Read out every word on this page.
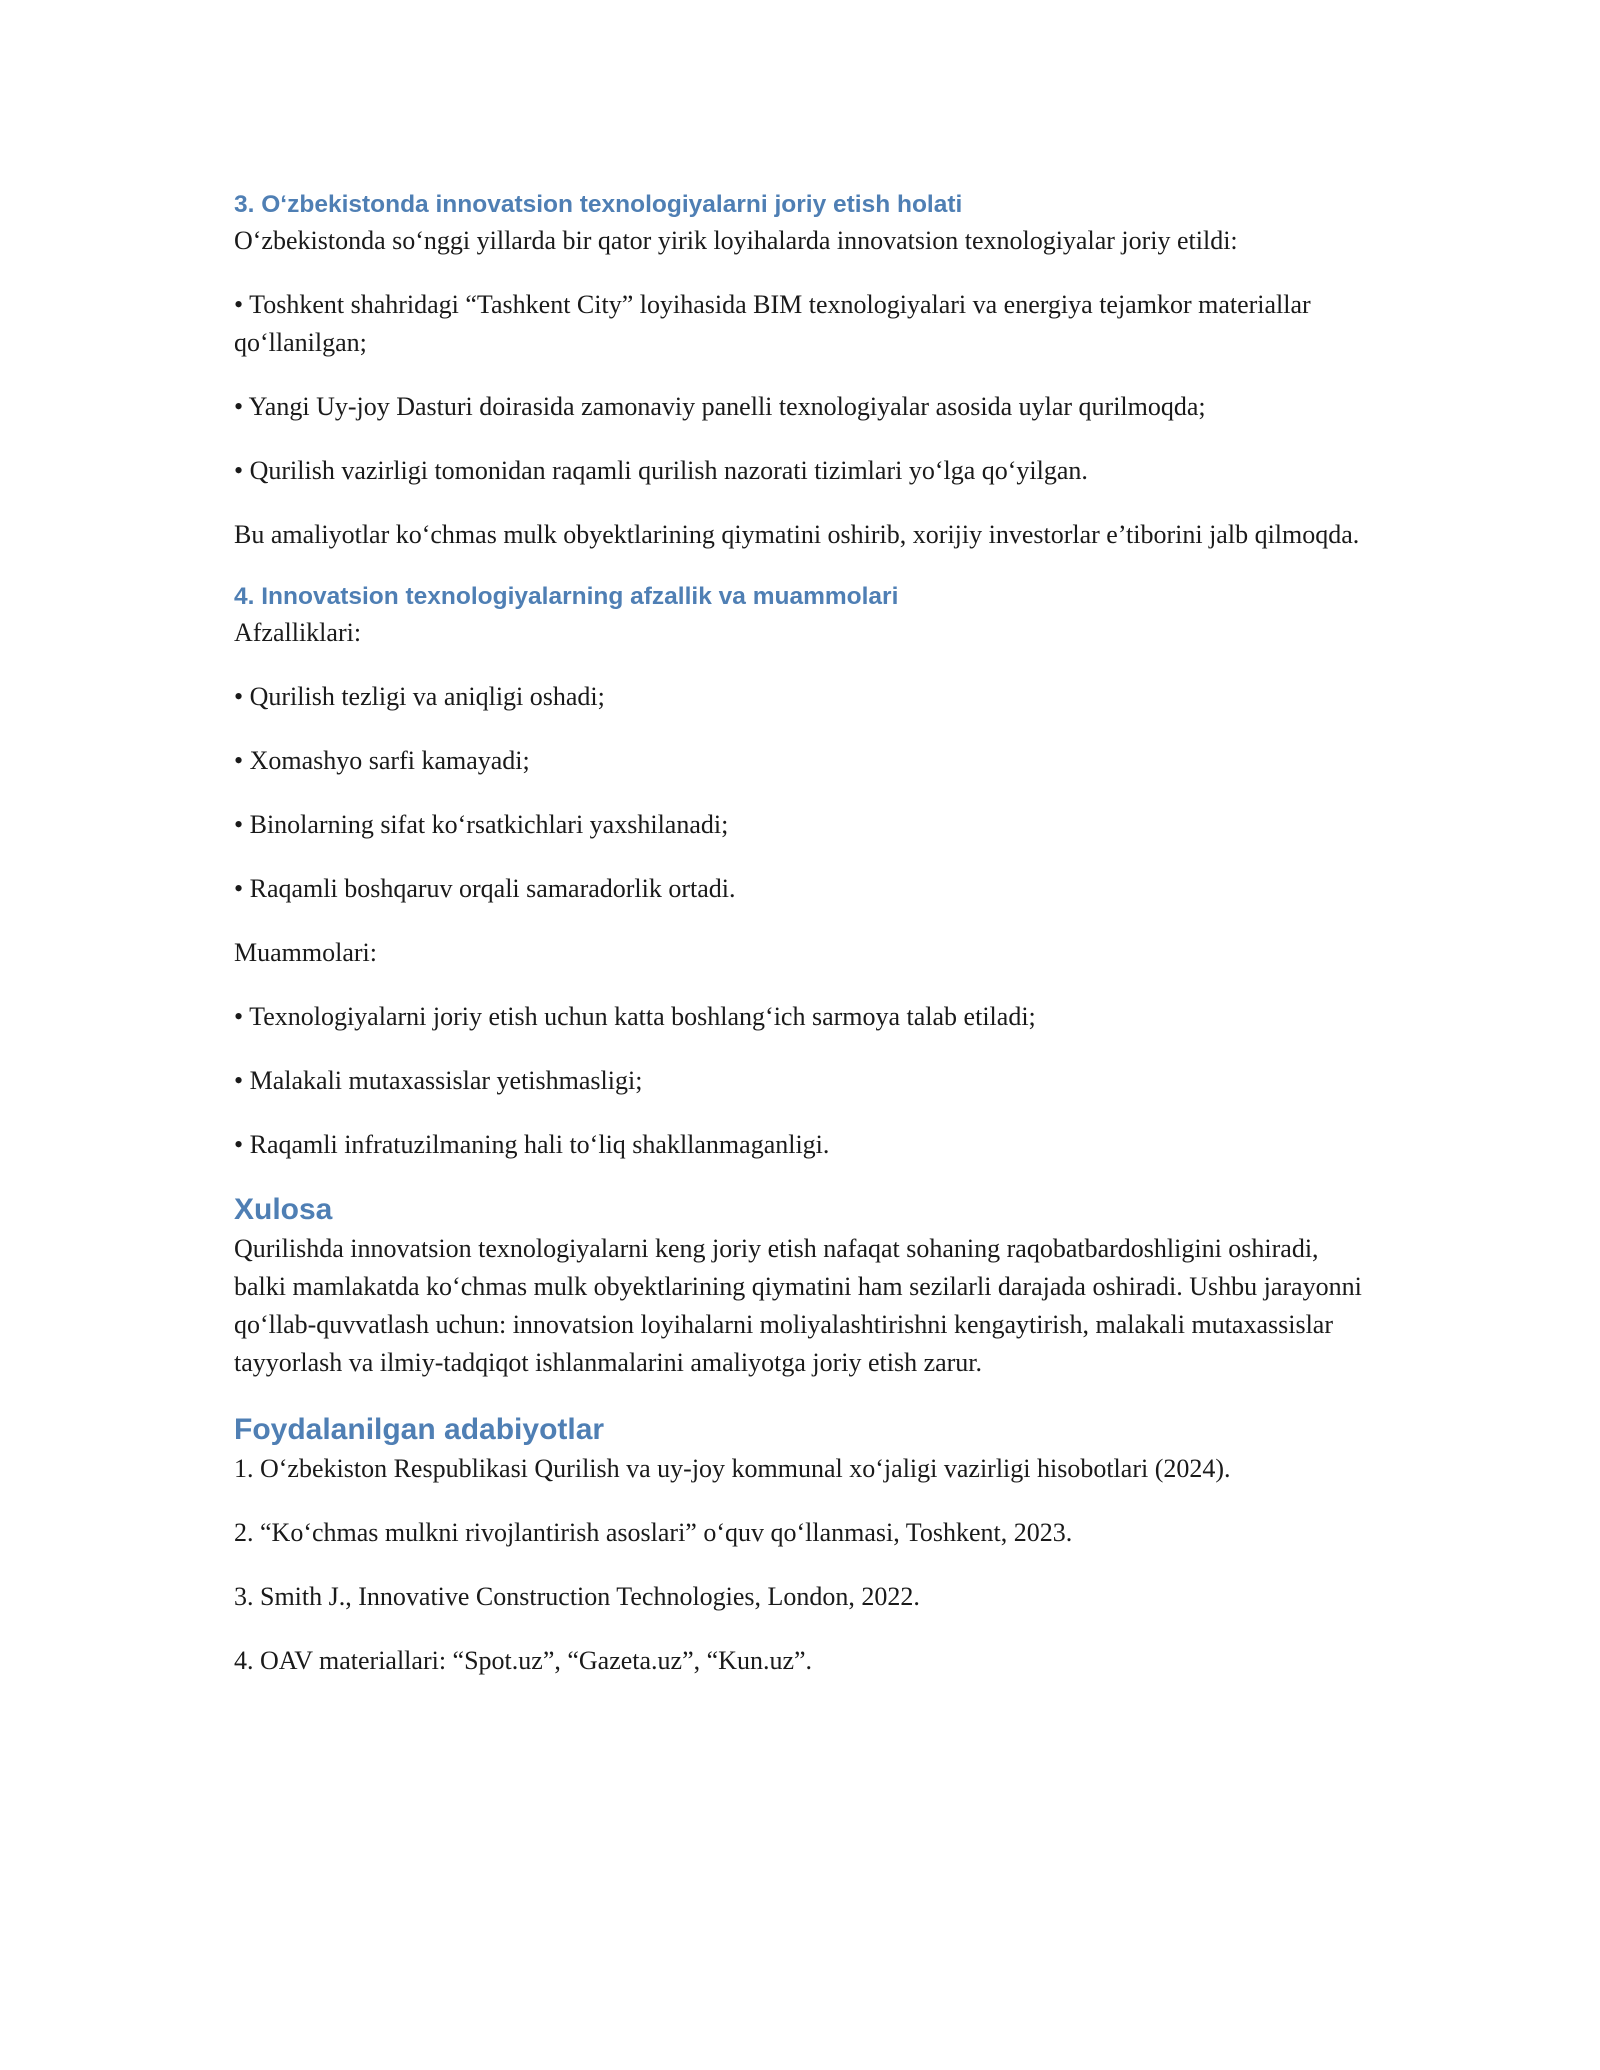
3. O‘zbekistonda innovatsion texnologiyalarni joriy etish holati

O‘zbekistonda so‘nggi yillarda bir qator yirik loyihalarda innovatsion texnologiyalar joriy etildi:

• Toshkent shahridagi “Tashkent City” loyihasida BIM texnologiyalari va energiya tejamkor materiallar qo‘llanilgan;

• Yangi Uy-joy Dasturi doirasida zamonaviy panelli texnologiyalar asosida uylar qurilmoqda;

• Qurilish vazirligi tomonidan raqamli qurilish nazorati tizimlari yo‘lga qo‘yilgan.

Bu amaliyotlar ko‘chmas mulk obyektlarining qiymatini oshirib, xorijiy investorlar e’tiborini jalb qilmoqda.

4. Innovatsion texnologiyalarning afzallik va muammolari

Afzalliklari:

• Qurilish tezligi va aniqligi oshadi;

• Xomashyo sarfi kamayadi;

• Binolarning sifat ko‘rsatkichlari yaxshilanadi;

• Raqamli boshqaruv orqali samaradorlik ortadi.

Muammolari:

• Texnologiyalarni joriy etish uchun katta boshlang‘ich sarmoya talab etiladi;

• Malakali mutaxassislar yetishmasligi;

• Raqamli infratuzilmaning hali to‘liq shakllanmaganligi.

Xulosa

Qurilishda innovatsion texnologiyalarni keng joriy etish nafaqat sohaning raqobatbardoshligini oshiradi, balki mamlakatda ko‘chmas mulk obyektlarining qiymatini ham sezilarli darajada oshiradi. Ushbu jarayonni qo‘llab-quvvatlash uchun: innovatsion loyihalarni moliyalashtirishni kengaytirish, malakali mutaxassislar tayyorlash va ilmiy-tadqiqot ishlanmalarini amaliyotga joriy etish zarur.

Foydalanilgan adabiyotlar

1. O‘zbekiston Respublikasi Qurilish va uy-joy kommunal xo‘jaligi vazirligi hisobotlari (2024).

2. “Ko‘chmas mulkni rivojlantirish asoslari” o‘quv qo‘llanmasi, Toshkent, 2023.

3. Smith J., Innovative Construction Technologies, London, 2022.

4. OAV materiallari: “Spot.uz”, “Gazeta.uz”, “Kun.uz”.
